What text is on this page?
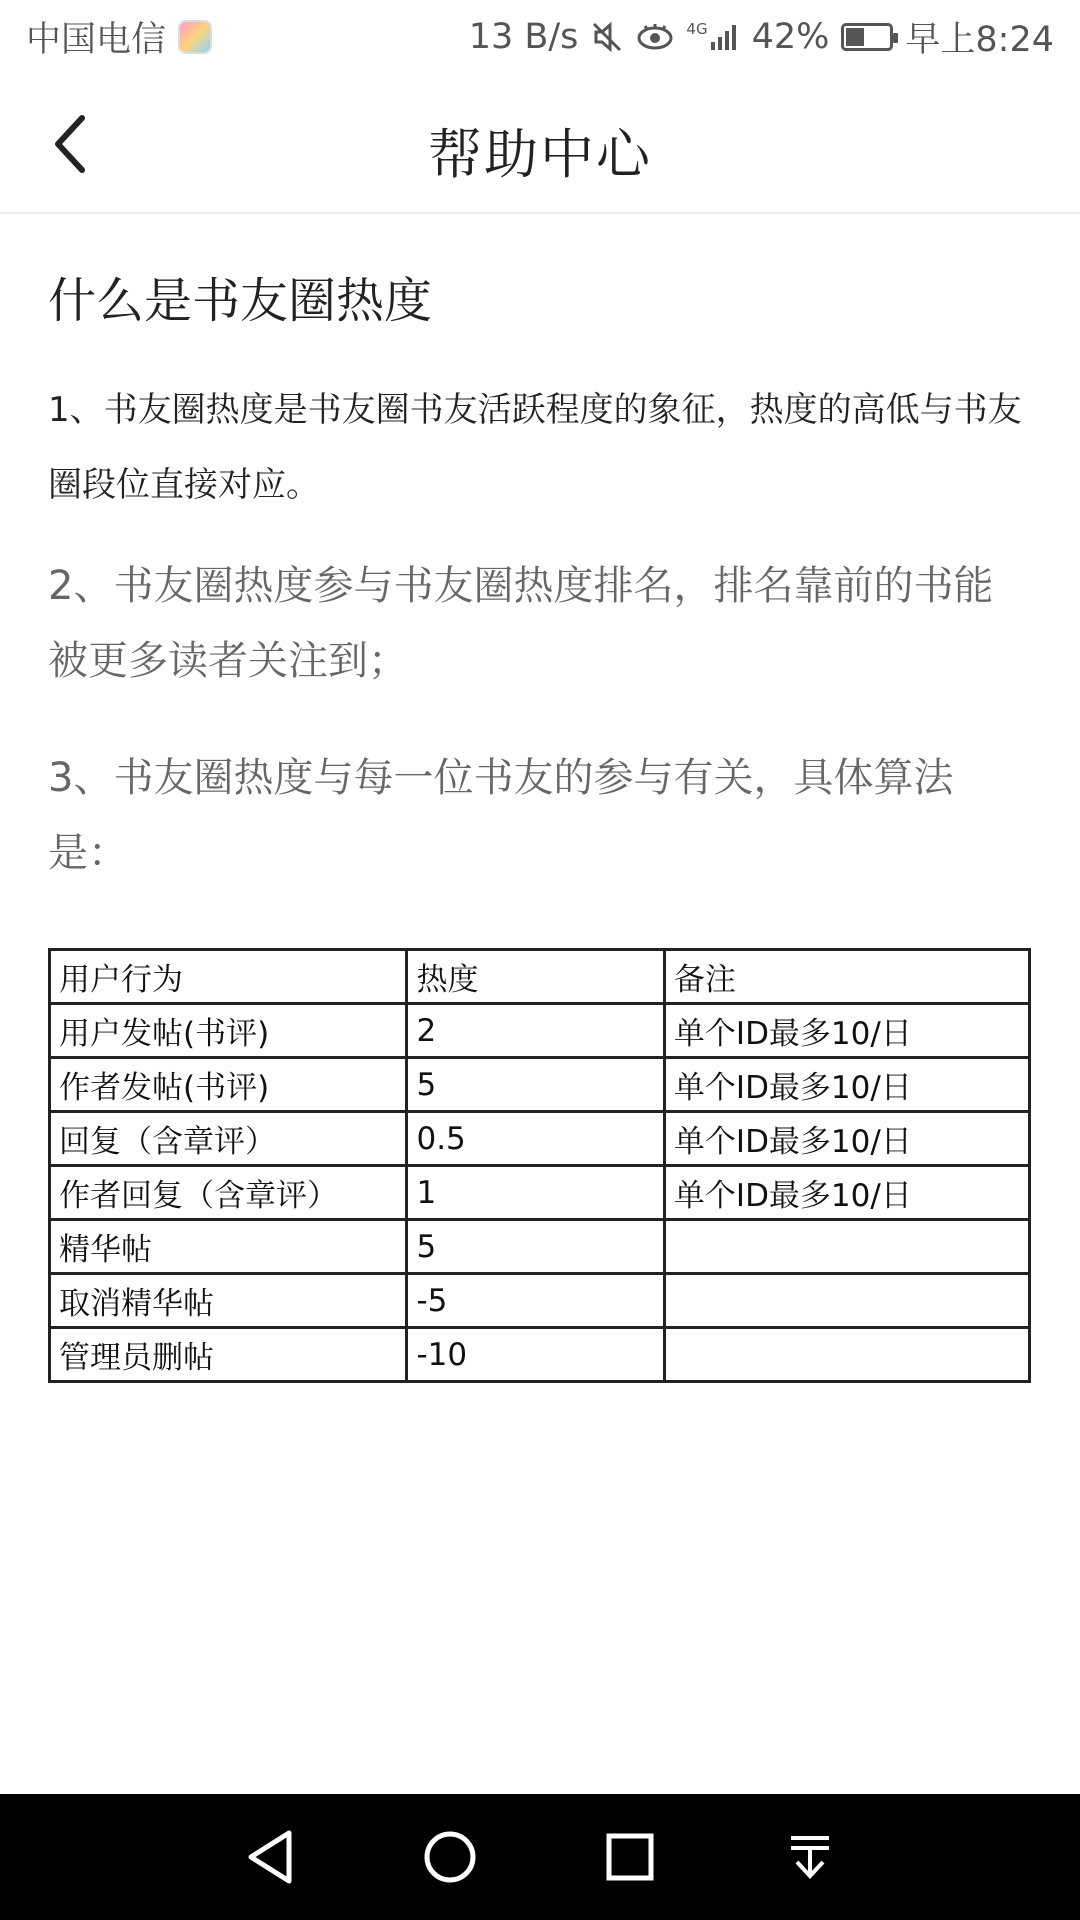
中国电信	13 B/s	4G 42% 早上8:24
帮助中心
什么是书友圈热度
1、书友圈热度是书友圈书友活跃程度的象征，热度的高低与书友圈段位直接对应。
2、书友圈热度参与书友圈热度排名，排名靠前的书能被更多读者关注到；
3、书友圈热度与每一位书友的参与有关，具体算法是：
用户行为	热度	备注
用户发帖(书评)	2	单个ID最多10/日
作者发帖(书评)	5	单个ID最多10/日
回复（含章评）	0.5	单个ID最多10/日
作者回复（含章评）	1	单个ID最多10/日
精华帖	5	
取消精华帖	-5	
管理员删帖	-10	
